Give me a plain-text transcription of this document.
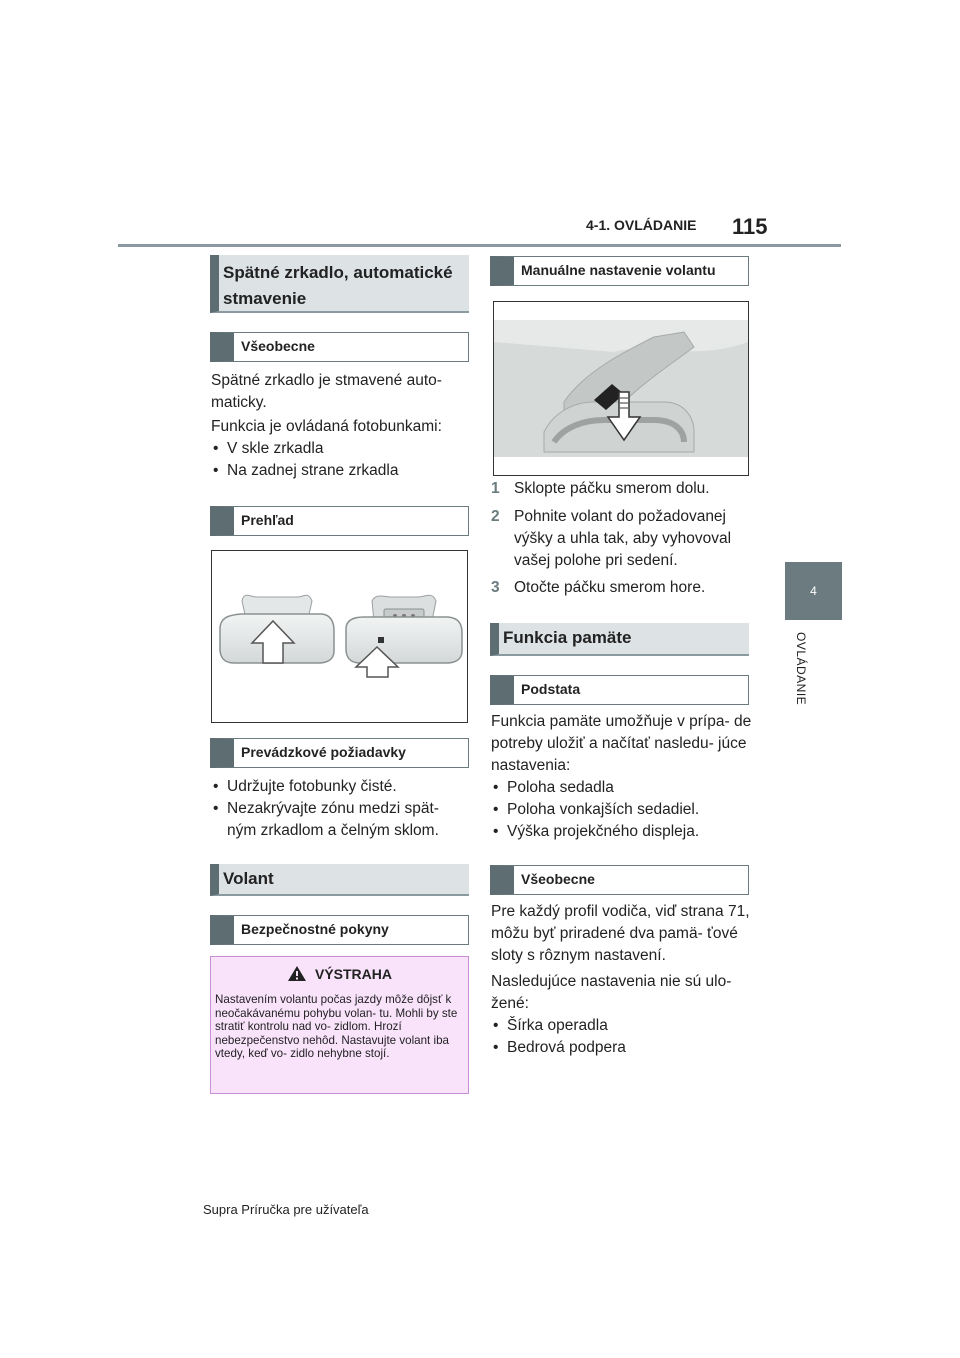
4-1. OVLÁDANIE 115
4
OVLÁDANIE
Spätné zrkadlo, automatické stmavenie
Všeobecne
Spätné zrkadlo je stmavené auto- maticky.
Funkcia je ovládaná fotobunkami:
• V skle zrkadla
• Na zadnej strane zrkadla
Prehľad
Prevádzkové požiadavky
• Udržujte fotobunky čisté.
• Nezakrývajte zónu medzi spät- ným zrkadlom a čelným sklom.
Volant
Bezpečnostné pokyny
VÝSTRAHA
Nastavením volantu počas jazdy môže dôjsť k neočakávanému pohybu volan- tu. Mohli by ste stratiť kontrolu nad vo- zidlom. Hrozí nebezpečenstvo nehôd. Nastavujte volant iba vtedy, keď vo- zidlo nehybne stojí.
Manuálne nastavenie volantu
1 Sklopte páčku smerom dolu.
2 Pohnite volant do požadovanej výšky a uhla tak, aby vyhovoval vašej polohe pri sedení.
3 Otočte páčku smerom hore.
Funkcia pamäte
Podstata
Funkcia pamäte umožňuje v prípa- de potreby uložiť a načítať nasledu- júce nastavenia:
• Poloha sedadla
• Poloha vonkajších sedadiel.
• Výška projekčného displeja.
Všeobecne
Pre každý profil vodiča, viď strana 71, môžu byť priradené dva pamä- ťové sloty s rôznym nastavení.
Nasledujúce nastavenia nie sú ulo- žené:
• Šírka operadla
• Bedrová podpera
Supra Príručka pre užívateľa
